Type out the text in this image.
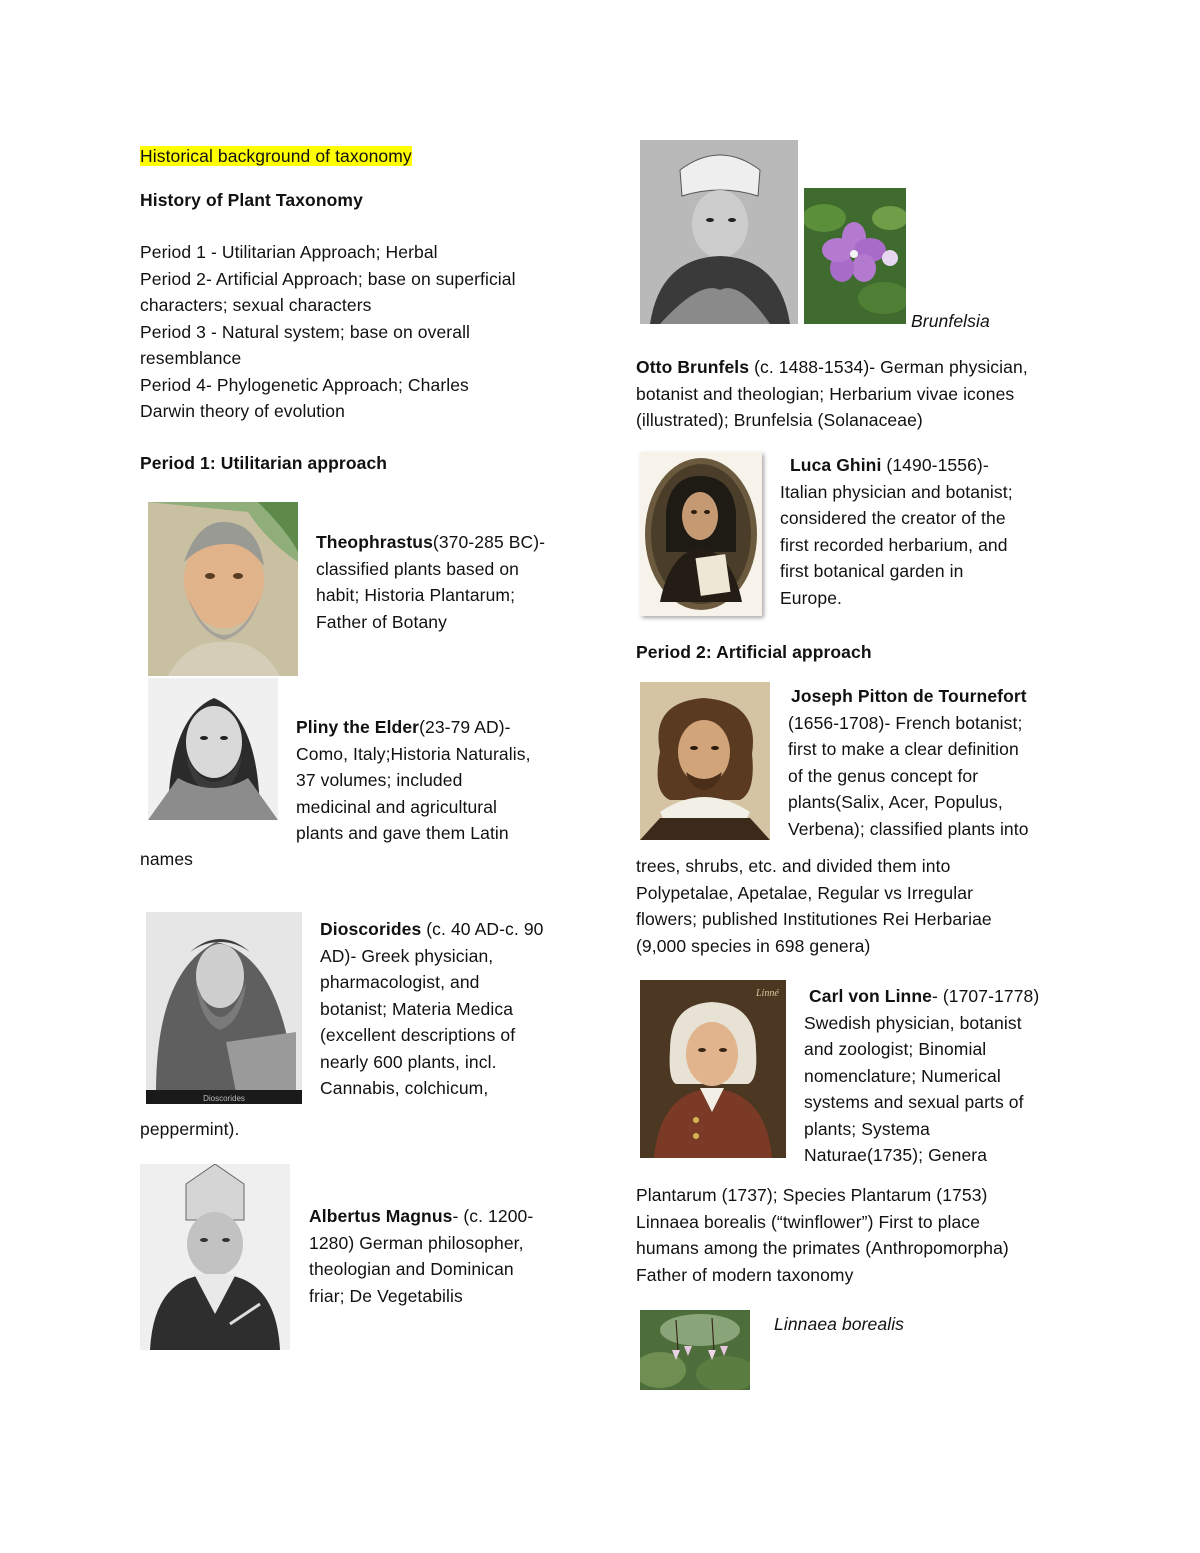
Historical background of taxonomy
History of Plant Taxonomy
Period 1 - Utilitarian Approach; Herbal
Period 2- Artificial Approach; base on superficial
characters; sexual characters
Period 3 - Natural system; base on overall
resemblance
Period 4- Phylogenetic Approach; Charles
Darwin theory of evolution
Period 1: Utilitarian approach
Theophrastus(370-285 BC)-
classified plants based on
habit; Historia Plantarum;
Father of Botany
Pliny the Elder(23-79 AD)-
Como, Italy;Historia Naturalis,
37 volumes; included
medicinal and agricultural
plants and gave them Latin
names
Dioscorides
Dioscorides (c. 40 AD-c. 90
AD)- Greek physician,
pharmacologist, and
botanist; Materia Medica
(excellent descriptions of
nearly 600 plants, incl.
Cannabis, colchicum,
peppermint).
Albertus Magnus- (c. 1200-
1280) German philosopher,
theologian and Dominican
friar; De Vegetabilis
Brunfelsia
Otto Brunfels (c. 1488-1534)- German physician,
botanist and theologian; Herbarium vivae icones
(illustrated); Brunfelsia (Solanaceae)
Luca Ghini (1490-1556)-
Italian physician and botanist;
considered the creator of the
first recorded herbarium, and
first botanical garden in
Europe.
Period 2: Artificial approach
Joseph Pitton de Tournefort
(1656-1708)- French botanist;
first to make a clear definition
of the genus concept for
plants(Salix, Acer, Populus,
Verbena); classified plants into
trees, shrubs, etc. and divided them into
Polypetalae, Apetalae, Regular vs Irregular
flowers; published Institutiones Rei Herbariae
(9,000 species in 698 genera)
Linné Carl von Linne- (1707-1778)
Swedish physician, botanist
and zoologist; Binomial
nomenclature; Numerical
systems and sexual parts of
plants; Systema
Naturae(1735); Genera
Plantarum (1737); Species Plantarum (1753)
Linnaea borealis (“twinflower”) First to place
humans among the primates (Anthropomorpha)
Father of modern taxonomy
Linnaea borealis
